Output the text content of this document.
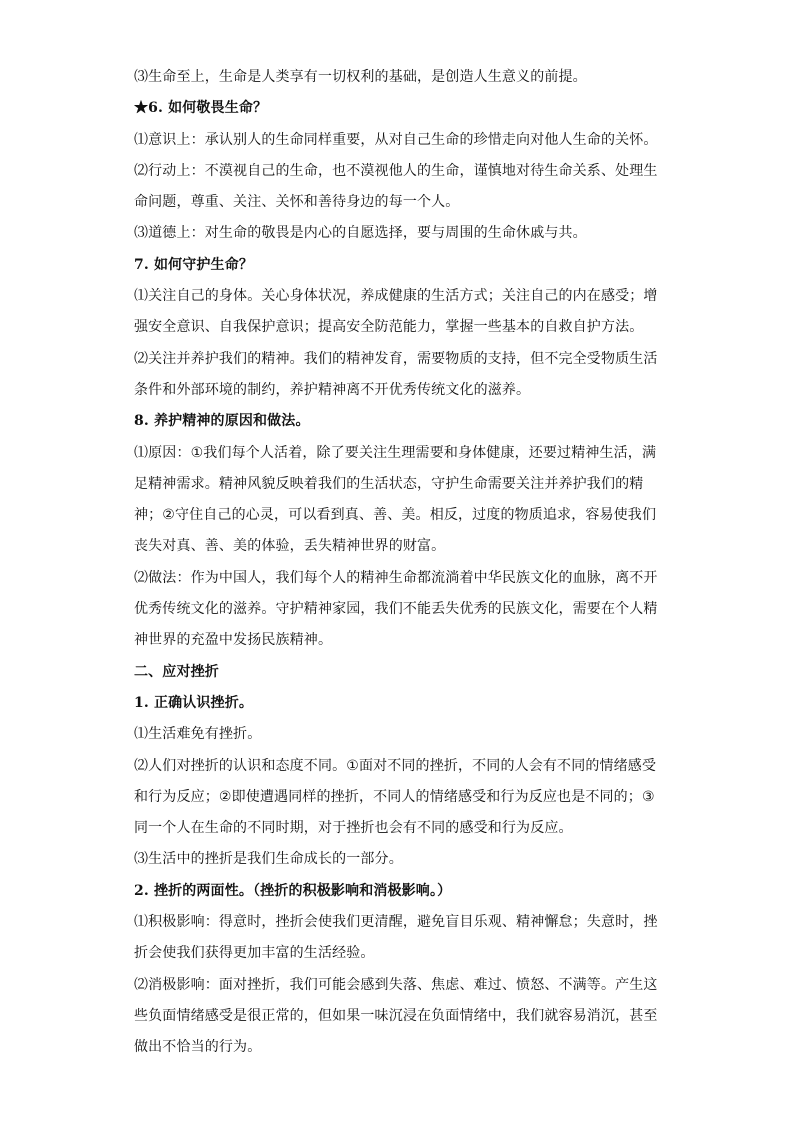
⑶生命至上，生命是人类享有一切权利的基础，是创造人生意义的前提。
★6. 如何敬畏生命？
⑴意识上：承认别人的生命同样重要，从对自己生命的珍惜走向对他人生命的关怀。
⑵行动上：不漠视自己的生命，也不漠视他人的生命，谨慎地对待生命关系、处理生
命问题，尊重、关注、关怀和善待身边的每一个人。
⑶道德上：对生命的敬畏是内心的自愿选择，要与周围的生命休戚与共。
7. 如何守护生命？
⑴关注自己的身体。关心身体状况，养成健康的生活方式；关注自己的内在感受；增
强安全意识、自我保护意识；提高安全防范能力，掌握一些基本的自救自护方法。
⑵关注并养护我们的精神。我们的精神发育，需要物质的支持，但不完全受物质生活
条件和外部环境的制约，养护精神离不开优秀传统文化的滋养。
8. 养护精神的原因和做法。
⑴原因：①我们每个人活着，除了要关注生理需要和身体健康，还要过精神生活，满
足精神需求。精神风貌反映着我们的生活状态，守护生命需要关注并养护我们的精
神；②守住自己的心灵，可以看到真、善、美。相反，过度的物质追求，容易使我们
丧失对真、善、美的体验，丢失精神世界的财富。
⑵做法：作为中国人，我们每个人的精神生命都流淌着中华民族文化的血脉，离不开
优秀传统文化的滋养。守护精神家园，我们不能丢失优秀的民族文化，需要在个人精
神世界的充盈中发扬民族精神。
二、应对挫折
1. 正确认识挫折。
⑴生活难免有挫折。
⑵人们对挫折的认识和态度不同。①面对不同的挫折，不同的人会有不同的情绪感受
和行为反应；②即使遭遇同样的挫折，不同人的情绪感受和行为反应也是不同的；③
同一个人在生命的不同时期，对于挫折也会有不同的感受和行为反应。
⑶生活中的挫折是我们生命成长的一部分。
2. 挫折的两面性。（挫折的积极影响和消极影响。）
⑴积极影响：得意时，挫折会使我们更清醒，避免盲目乐观、精神懈怠；失意时，挫
折会使我们获得更加丰富的生活经验。
⑵消极影响：面对挫折，我们可能会感到失落、焦虑、难过、愤怒、不满等。产生这
些负面情绪感受是很正常的，但如果一味沉浸在负面情绪中，我们就容易消沉，甚至
做出不恰当的行为。
